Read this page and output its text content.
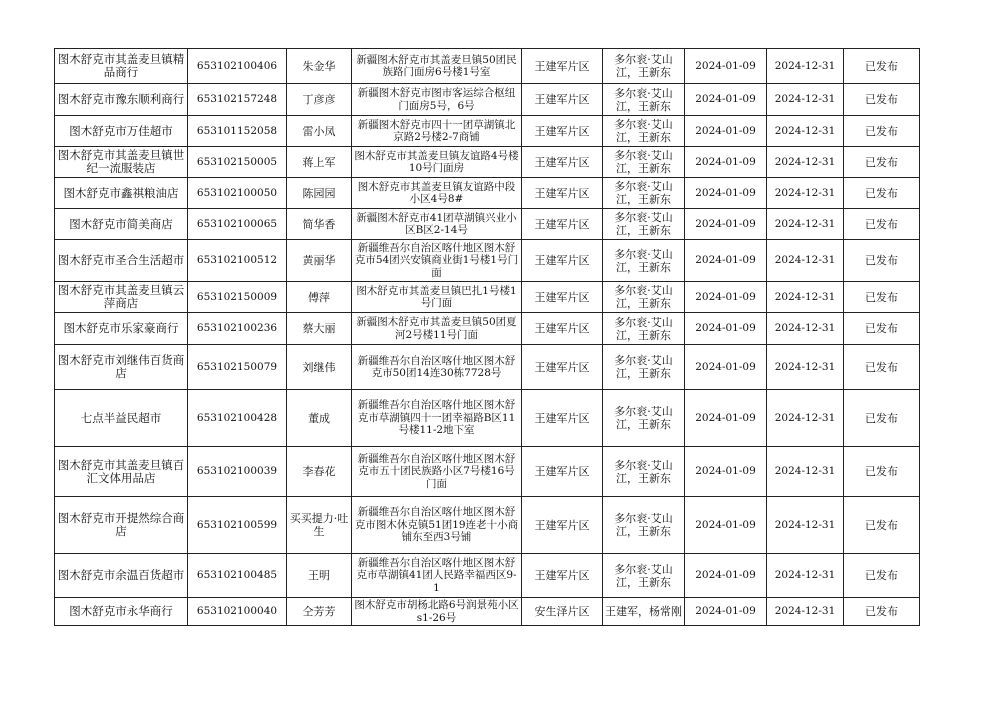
图木舒克市其盖麦旦镇精品商行	653102100406	朱金华	新疆图木舒克市其盖麦旦镇50团民族路门面房6号楼1号室	王建军片区	多尔衮·艾山江，王新东	2024-01-09	2024-12-31	已发布
图木舒克市豫东顺利商行	653102157248	丁彦彦	新疆图木舒克市图市客运综合枢纽门面房5号，6号	王建军片区	多尔衮·艾山江，王新东	2024-01-09	2024-12-31	已发布
图木舒克市万佳超市	653101152058	雷小凤	新疆图木舒克市四十一团草湖镇北京路2号楼2-7商铺	王建军片区	多尔衮·艾山江，王新东	2024-01-09	2024-12-31	已发布
图木舒克市其盖麦旦镇世纪一流服装店	653102150005	蒋上军	图木舒克市其盖麦旦镇友谊路4号楼10号门面房	王建军片区	多尔衮·艾山江，王新东	2024-01-09	2024-12-31	已发布
图木舒克市鑫祺粮油店	653102100050	陈园园	图木舒克市其盖麦旦镇友谊路中段小区4号8#	王建军片区	多尔衮·艾山江，王新东	2024-01-09	2024-12-31	已发布
图木舒克市简美商店	653102100065	简华香	新疆图木舒克市41团草湖镇兴业小区B区2-14号	王建军片区	多尔衮·艾山江，王新东	2024-01-09	2024-12-31	已发布
图木舒克市圣合生活超市	653102100512	黄丽华	新疆维吾尔自治区喀什地区图木舒克市54团兴安镇商业街1号楼1号门面	王建军片区	多尔衮·艾山江，王新东	2024-01-09	2024-12-31	已发布
图木舒克市其盖麦旦镇云萍商店	653102150009	傅萍	图木舒克市其盖麦旦镇巴扎1号楼1号门面	王建军片区	多尔衮·艾山江，王新东	2024-01-09	2024-12-31	已发布
图木舒克市乐家豪商行	653102100236	蔡大丽	新疆图木舒克市其盖麦旦镇50团夏河2号楼11号门面	王建军片区	多尔衮·艾山江，王新东	2024-01-09	2024-12-31	已发布
图木舒克市刘继伟百货商店	653102150079	刘继伟	新疆维吾尔自治区喀什地区图木舒克市50团14连30栋7728号	王建军片区	多尔衮·艾山江，王新东	2024-01-09	2024-12-31	已发布
七点半益民超市	653102100428	董成	新疆维吾尔自治区喀什地区图木舒克市草湖镇四十一团幸福路B区11号楼11-2地下室	王建军片区	多尔衮·艾山江，王新东	2024-01-09	2024-12-31	已发布
图木舒克市其盖麦旦镇百汇文体用品店	653102100039	李春花	新疆维吾尔自治区喀什地区图木舒克市五十团民族路小区7号楼16号门面	王建军片区	多尔衮·艾山江，王新东	2024-01-09	2024-12-31	已发布
图木舒克市开提然综合商店	653102100599	买买提力·吐生	新疆维吾尔自治区喀什地区图木舒克市图木休克镇51团19连老十小商铺东至西3号铺	王建军片区	多尔衮·艾山江，王新东	2024-01-09	2024-12-31	已发布
图木舒克市余温百货超市	653102100485	王明	新疆维吾尔自治区喀什地区图木舒克市草湖镇41团人民路幸福西区9-1	王建军片区	多尔衮·艾山江，王新东	2024-01-09	2024-12-31	已发布
图木舒克市永华商行	653102100040	仝芳芳	图木舒克市胡杨北路6号润景苑小区s1-26号	安生泽片区	王建军，杨常刚	2024-01-09	2024-12-31	已发布
